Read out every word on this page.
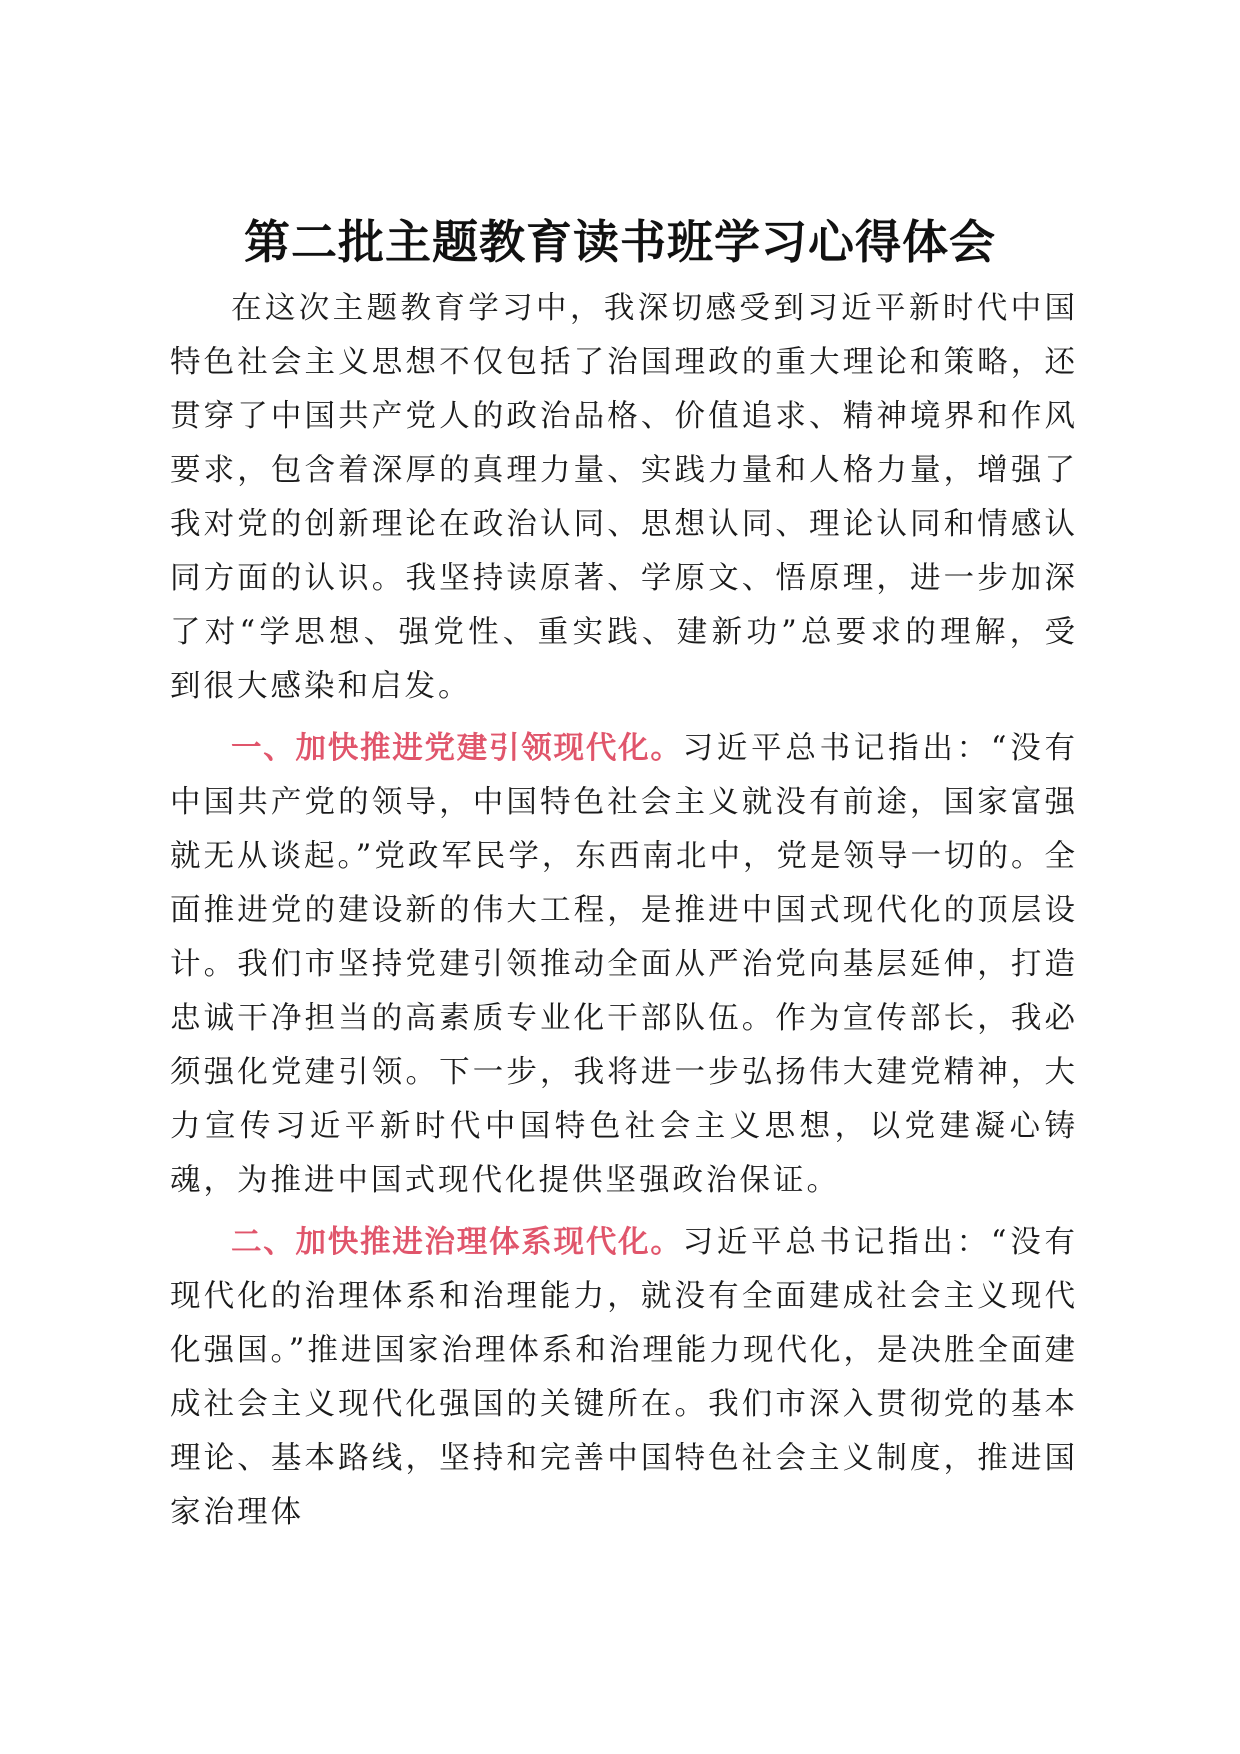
第二批主题教育读书班学习心得体会

在这次主题教育学习中，我深切感受到习近平新时代中国特色社会主义思想不仅包括了治国理政的重大理论和策略，还贯穿了中国共产党人的政治品格、价值追求、精神境界和作风要求，包含着深厚的真理力量、实践力量和人格力量，增强了我对党的创新理论在政治认同、思想认同、理论认同和情感认同方面的认识。我坚持读原著、学原文、悟原理，进一步加深了对“学思想、强党性、重实践、建新功”总要求的理解，受到很大感染和启发。

一、加快推进党建引领现代化。习近平总书记指出：“没有中国共产党的领导，中国特色社会主义就没有前途，国家富强就无从谈起。”党政军民学，东西南北中，党是领导一切的。全面推进党的建设新的伟大工程，是推进中国式现代化的顶层设计。我们市坚持党建引领推动全面从严治党向基层延伸，打造忠诚干净担当的高素质专业化干部队伍。作为宣传部长，我必须强化党建引领。下一步，我将进一步弘扬伟大建党精神，大力宣传习近平新时代中国特色社会主义思想，以党建凝心铸魂，为推进中国式现代化提供坚强政治保证。

二、加快推进治理体系现代化。习近平总书记指出：“没有现代化的治理体系和治理能力，就没有全面建成社会主义现代化强国。”推进国家治理体系和治理能力现代化，是决胜全面建成社会主义现代化强国的关键所在。我们市深入贯彻党的基本理论、基本路线，坚持和完善中国特色社会主义制度，推进国家治理体
